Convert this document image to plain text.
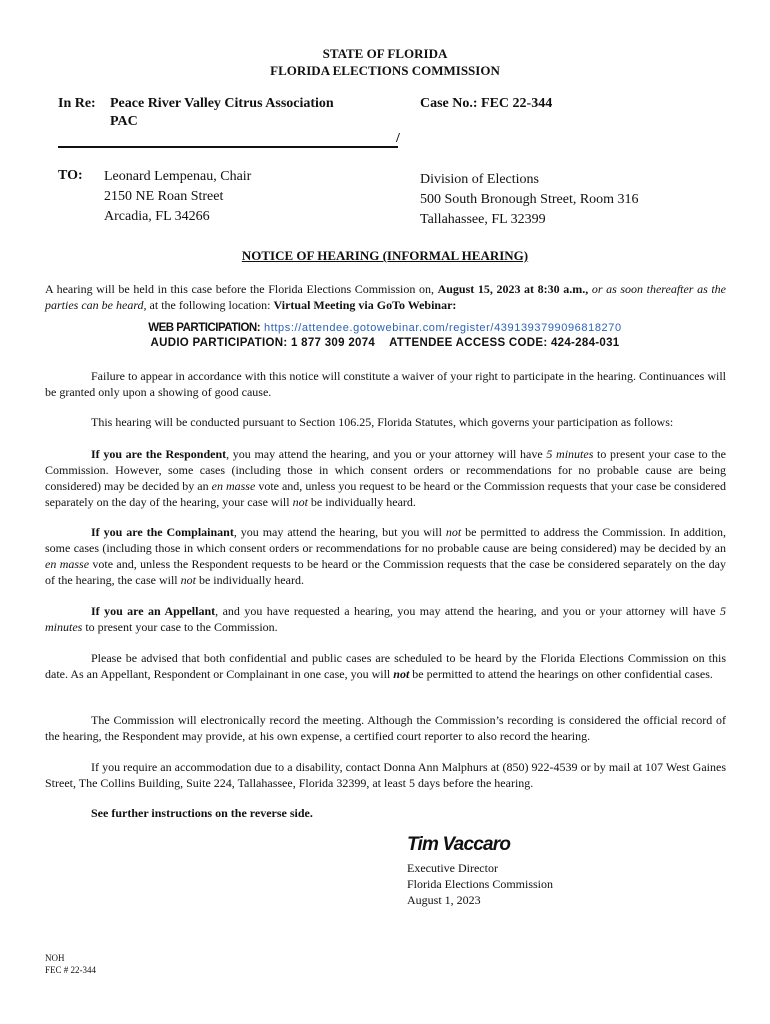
STATE OF FLORIDA
FLORIDA ELECTIONS COMMISSION
In Re: Peace River Valley Citrus Association
PAC
Case No.: FEC 22-344
/
TO: Leonard Lempenau, Chair
2150 NE Roan Street
Arcadia, FL 34266
Division of Elections
500 South Bronough Street, Room 316
Tallahassee, FL 32399
NOTICE OF HEARING (INFORMAL HEARING)

A hearing will be held in this case before the Florida Elections Commission on, August 15, 2023 at 8:30 a.m., or as soon thereafter as the parties can be heard, at the following location: Virtual Meeting via GoTo Webinar:

WEB PARTICIPATION: https://attendee.gotowebinar.com/register/4391393799096818270
AUDIO PARTICIPATION: 1 877 309 2074 ATTENDEE ACCESS CODE: 424-284-031

Failure to appear in accordance with this notice will constitute a waiver of your right to participate in the hearing. Continuances will be granted only upon a showing of good cause.

This hearing will be conducted pursuant to Section 106.25, Florida Statutes, which governs your participation as follows:

If you are the Respondent, you may attend the hearing, and you or your attorney will have 5 minutes to present your case to the Commission. However, some cases (including those in which consent orders or recommendations for no probable cause are being considered) may be decided by an en masse vote and, unless you request to be heard or the Commission requests that your case be considered separately on the day of the hearing, your case will not be individually heard.

If you are the Complainant, you may attend the hearing, but you will not be permitted to address the Commission. In addition, some cases (including those in which consent orders or recommendations for no probable cause are being considered) may be decided by an en masse vote and, unless the Respondent requests to be heard or the Commission requests that the case be considered separately on the day of the hearing, the case will not be individually heard.

If you are an Appellant, and you have requested a hearing, you may attend the hearing, and you or your attorney will have 5 minutes to present your case to the Commission.

Please be advised that both confidential and public cases are scheduled to be heard by the Florida Elections Commission on this date. As an Appellant, Respondent or Complainant in one case, you will not be permitted to attend the hearings on other confidential cases.

The Commission will electronically record the meeting. Although the Commission’s recording is considered the official record of the hearing, the Respondent may provide, at his own expense, a certified court reporter to also record the hearing.

If you require an accommodation due to a disability, contact Donna Ann Malphurs at (850) 922-4539 or by mail at 107 West Gaines Street, The Collins Building, Suite 224, Tallahassee, Florida 32399, at least 5 days before the hearing.

See further instructions on the reverse side.
Tim Vaccaro
Executive Director
Florida Elections Commission
August 1, 2023
NOH
FEC # 22-344
